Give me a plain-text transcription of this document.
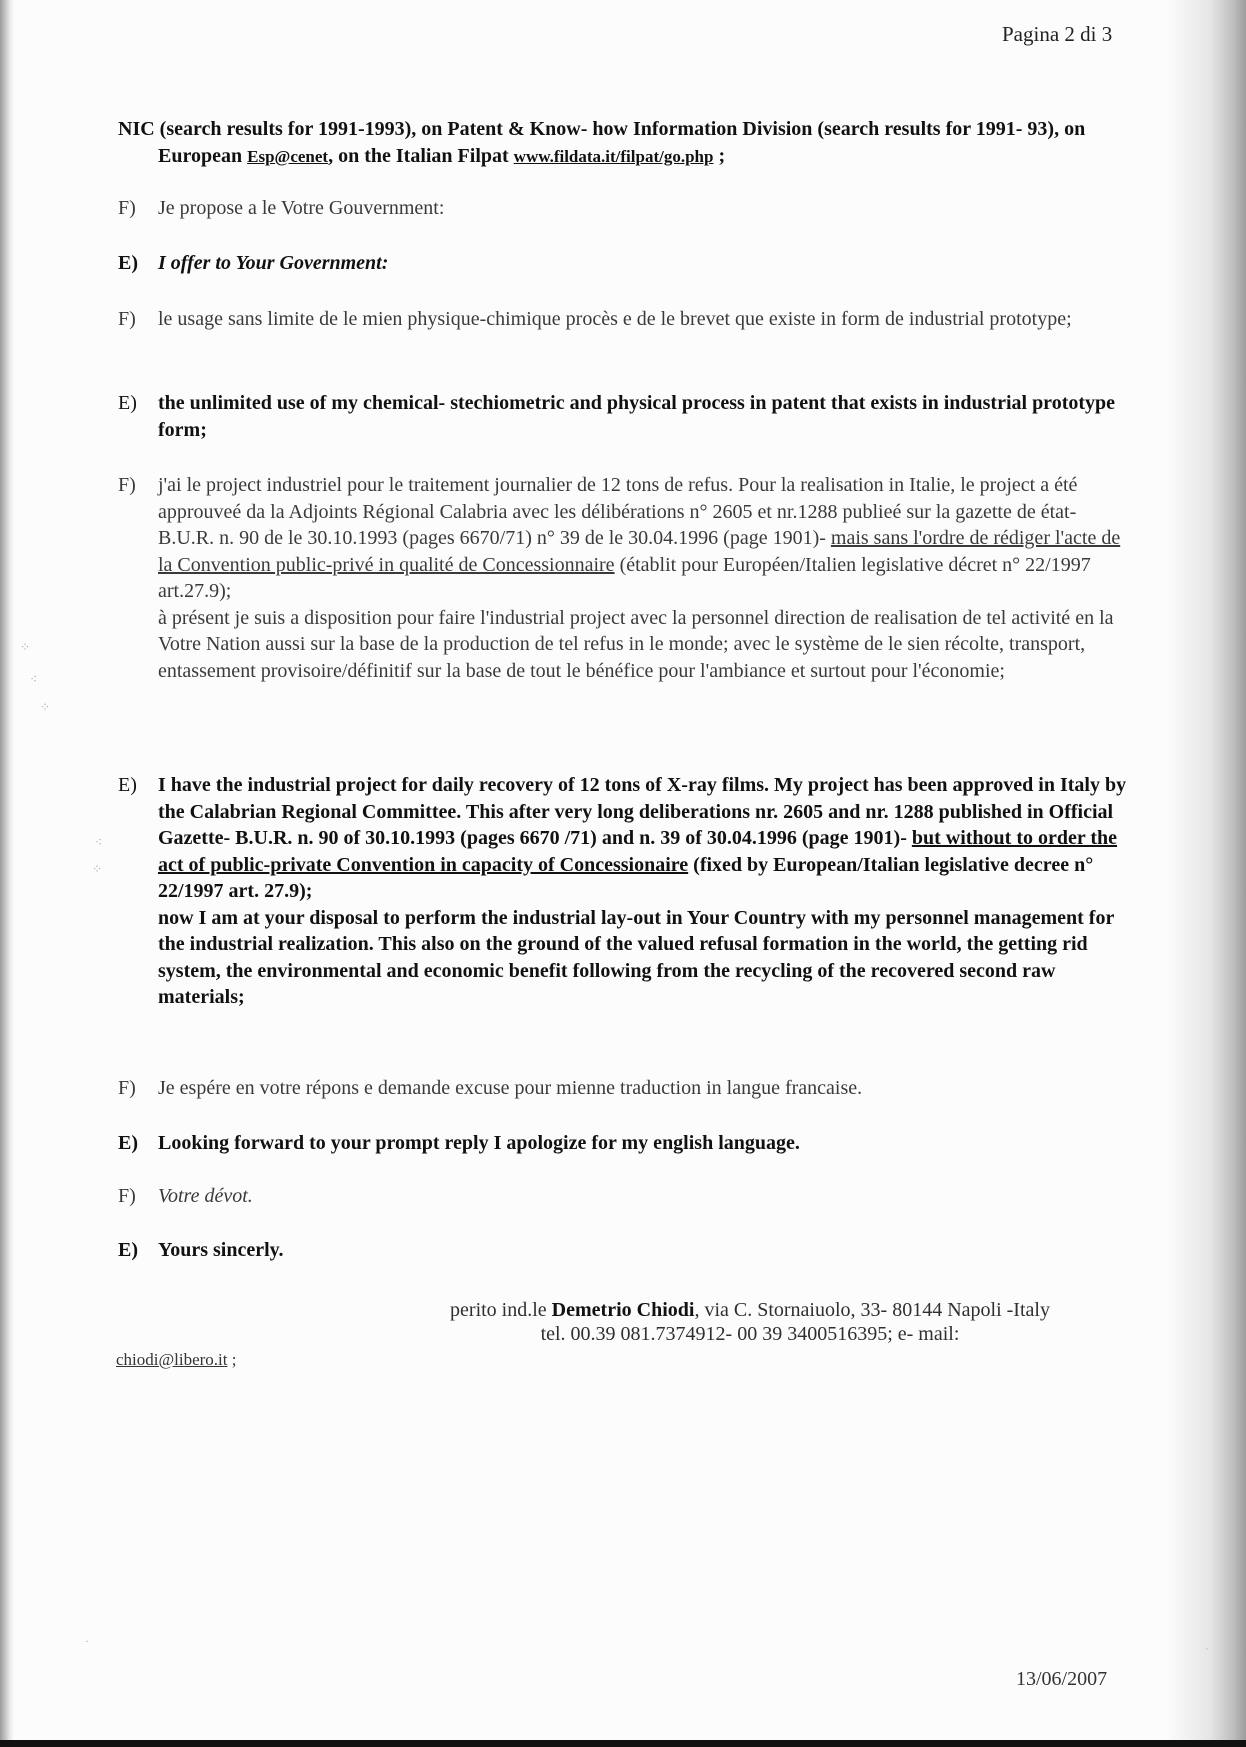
Pagina 2 di 3
NIC (search results for 1991-1993), on Patent & Know- how Information Division (search results for 1991- 93), on European Esp@cenet, on the Italian Filpat www.fildata.it/filpat/go.php ;
F) Je propose a le Votre Gouvernment:
E) I offer to Your Government:
F) le usage sans limite de le mien physique-chimique procès e de le brevet que existe in form de industrial prototype;
E) the unlimited use of my chemical- stechiometric and physical process in patent that exists in industrial prototype form;
F) j'ai le project industriel pour le traitement journalier de 12 tons de refus. Pour la realisation in Italie, le project a été approuveé da la Adjoints Régional Calabria avec les délibérations n° 2605 et nr.1288 publieé sur la gazette de état- B.U.R. n. 90 de le 30.10.1993 (pages 6670/71) n° 39 de le 30.04.1996 (page 1901)- mais sans l'ordre de rédiger l'acte de la Convention public-privé in qualité de Concessionnaire (établit pour Européen/Italien legislative décret n° 22/1997 art.27.9);
à présent je suis a disposition pour faire l'industrial project avec la personnel direction de realisation de tel activité en la Votre Nation aussi sur la base de la production de tel refus in le monde; avec le système de le sien récolte, transport, entassement provisoire/définitif sur la base de tout le bénéfice pour l'ambiance et surtout pour l'économie;
E) I have the industrial project for daily recovery of 12 tons of X-ray films. My project has been approved in Italy by the Calabrian Regional Committee. This after very long deliberations nr. 2605 and nr. 1288 published in Official Gazette- B.U.R. n. 90 of 30.10.1993 (pages 6670 /71) and n. 39 of 30.04.1996 (page 1901)- but without to order the act of public-private Convention in capacity of Concessionaire (fixed by European/Italian legislative decree n° 22/1997 art. 27.9);
now I am at your disposal to perform the industrial lay-out in Your Country with my personnel management for the industrial realization. This also on the ground of the valued refusal formation in the world, the getting rid system, the environmental and economic benefit following from the recycling of the recovered second raw materials;
F) Je espére en votre répons e demande excuse pour mienne traduction in langue francaise.
E) Looking forward to your prompt reply I apologize for my english language.
F) Votre dévot.
E) Yours sincerly.
perito ind.le Demetrio Chiodi, via C. Stornaiuolo, 33- 80144 Napoli -Italy
tel. 00.39 081.7374912- 00 39 3400516395; e- mail:
chiodi@libero.it ;
13/06/2007
⁘
⁖
⁘
⁖
⁘
·
˙
